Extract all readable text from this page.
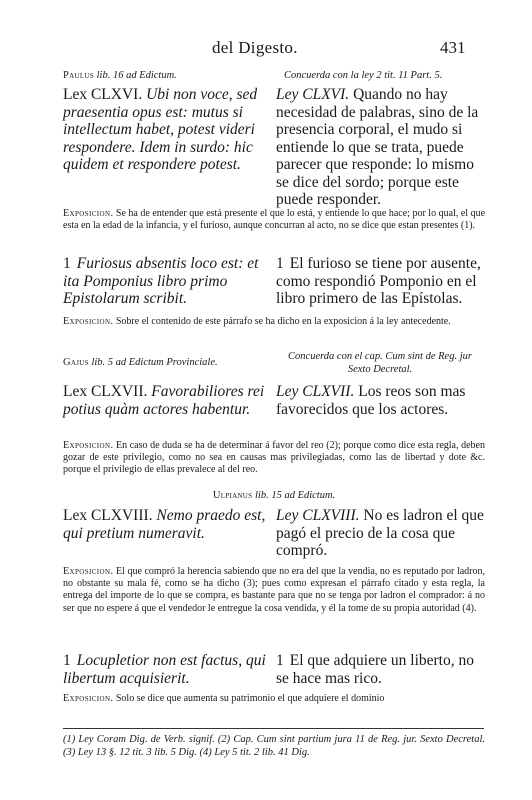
del Digesto.	431
Paulus lib. 16 ad Edictum.	Concuerda con la ley 2 tit. 11 Part. 5.
Lex CLXVI. Ubi non voce, sed praesentia opus est: mutus si intellectum habet, potest videri respondere. Idem in surdo: hic quidem et respondere potest.
Ley CLXVI. Quando no hay necesidad de palabras, sino de la presencia corporal, el mudo si entiende lo que se trata, puede parecer que responde: lo mismo se dice del sordo; porque este puede responder.
Exposicion. Se ha de entender que está presente el que lo está, y entiende lo que hace; por lo qual, el que esta en la edad de la infancia, y el furioso, aunque concurran al acto, no se dice que estan presentes (1).
1 Furiosus absentis loco est: et ita Pomponius libro primo Epistolarum scribit.
1 El furioso se tiene por ausente, como respondió Pomponio en el libro primero de las Epístolas.
Exposicion. Sobre el contenido de este párrafo se ha dicho en la exposicion á la ley antecedente.
Gajus lib. 5 ad Edictum Provinciale.
Concuerda con el cap. Cum sint de Reg. jur Sexto Decretal.
Lex CLXVII. Favorabiliores rei potius quàm actores habentur.
Ley CLXVII. Los reos son mas favorecidos que los actores.
Exposicion. En caso de duda se ha de determinar á favor del reo (2); porque como dice esta regla, deben gozar de este privilegio, como no sea en causas mas privilegiadas, como las de libertad y dote &c. porque el privilegio de ellas prevalece al del reo.
Ulpianus lib. 15 ad Edictum.
Lex CLXVIII. Nemo praedo est, qui pretium numeravit.
Ley CLXVIII. No es ladron el que pagó el precio de la cosa que compró.
Exposicion. El que compró la herencia sabiendo que no era del que la vendia, no es reputado por ladron, no obstante su mala fé, como se ha dicho (3); pues como expresan el párrafo citado y esta regla, la entrega del importe de lo que se compra, es bastante para que no se tenga por ladron el comprador: á no ser que no espere á que el vendedor le entregue la cosa vendida, y él la tome de su propia autoridad (4).
1 Locupletior non est factus, qui libertum acquisierit.
1 El que adquiere un liberto, no se hace mas rico.
Exposicion. Solo se dice que aumenta su patrimonio el que adquiere el dominio
(1) Ley Coram Dig. de Verb. signif. (2) Cap. Cum sint partium jura 11 de Reg. jur. Sexto Decretal. (3) Ley 13 §. 12 tit. 3 lib. 5 Dig. (4) Ley 5 tit. 2 lib. 41 Dig.
